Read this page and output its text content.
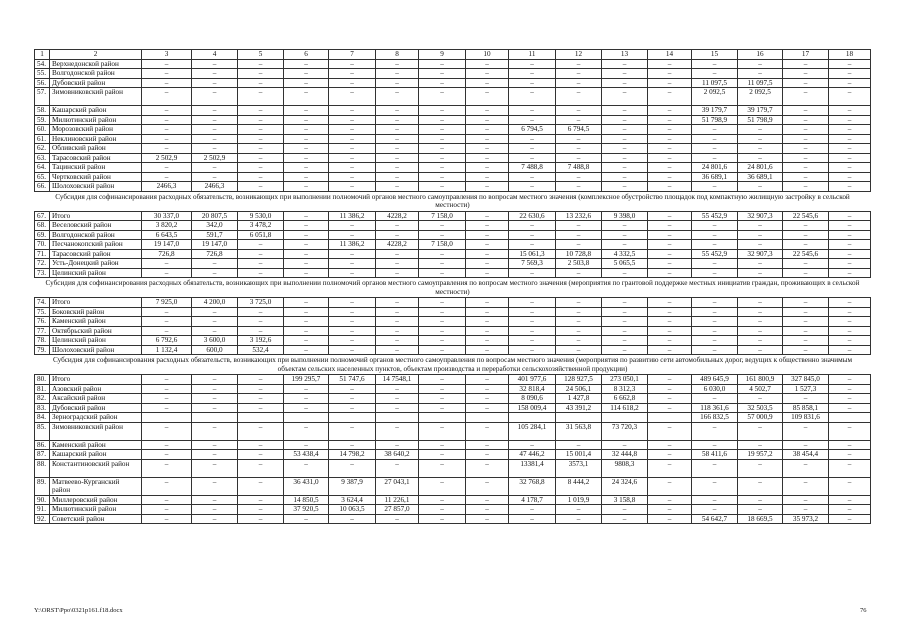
1	2	3	4	5	6	7	8	9	10	11	12	13	14	15	16	17	18
54.	Верхнедонской район	–	–	–	–	–	–	–	–	–	–	–	–	–	–	–	–
55.	Волгодонской район	–	–	–	–	–	–	–	–	–	–	–	–	–	–	–	–
56.	Дубовский район	–	–	–	–	–	–	–	–	–	–	–	–	11 097,5	11 097,5	–	–
57.	Зимовниковский район	–	–	–	–	–	–	–	–	–	–	–	–	2 092,5	2 092,5	–	–
58.	Кашарский район	–	–	–	–	–	–	–	–	–	–	–	–	39 179,7	39 179,7	–	–
59.	Милютинский район	–	–	–	–	–	–	–	–	–	–	–	–	51 798,9	51 798,9	–	–
60.	Морозовский район	–	–	–	–	–	–	–	–	6 794,5	6 794,5	–	–	–	–	–	–
61.	Неклиновский район	–	–	–	–	–	–	–	–	–	–	–	–	–	–	–	–
62.	Обливский район	–	–	–	–	–	–	–	–	–	–	–	–	–	–	–	–
63.	Тарасовский район	2 502,9	2 502,9	–	–	–	–	–	–	–	–	–	–	–	–	–	–
64.	Тацинский район	–	–	–	–	–	–	–	–	7 488,8	7 488,8	–	–	24 801,6	24 801,6	–	–
65.	Чертковский район	–	–	–	–	–	–	–	–	–	–	–	–	36 689,1	36 689,1	–	–
66.	Шолоховский район	2466,3	2466,3	–	–	–	–	–	–	–	–	–	–	–	–	–	–
Субсидия для софинансирования расходных обязательств, возникающих при выполнении полномочий органов местного самоуправления по вопросам местного значения (комплексное обустройство площадок под компактную жилищную застройку в сельской местности)																	
67.	Итого	30 337,0	20 807,5	9 530,0	–	11 386,2	4228,2	7 158,0	–	22 630,6	13 232,6	9 398,0	–	55 452,9	32 907,3	22 545,6	–
68.	Веселовский район	3 820,2	342,0	3 478,2	–	–	–	–	–	–	–	–	–	–	–	–	–
69.	Волгодонской район	6 643,5	591,7	6 051,8	–	–	–	–	–	–	–	–	–	–	–	–	–
70.	Песчанокопский район	19 147,0	19 147,0	–	–	11 386,2	4228,2	7 158,0	–	–	–	–	–	–	–	–	–
71.	Тарасовский район	726,8	726,8	–	–	–	–	–	–	15 061,3	10 728,8	4 332,5	–	55 452,9	32 907,3	22 545,6	–
72.	Усть-Донецкий район	–	–	–	–	–	–	–	–	7 569,3	2 503,8	5 065,5	–	–	–	–	–
73.	Целинский район	–	–	–	–	–	–	–	–	–	–	–	–	–	–	–	–
Субсидия для софинансирования расходных обязательств, возникающих при выполнении полномочий органов местного самоуправления по вопросам местного значения (мероприятия по грантовой поддержке местных инициатив граждан, проживающих в сельской местности)																	
74.	Итого	7 925,0	4 200,0	3 725,0	–	–	–	–	–	–	–	–	–	–	–	–	–
75.	Боковский район	–	–	–	–	–	–	–	–	–	–	–	–	–	–	–	–
76.	Каменский район	–	–	–	–	–	–	–	–	–	–	–	–	–	–	–	–
77.	Октябрьский район	–	–	–	–	–	–	–	–	–	–	–	–	–	–	–	–
78.	Целинский район	6 792,6	3 600,0	3 192,6	–	–	–	–	–	–	–	–	–	–	–	–	–
79.	Шолоховский район	1 132,4	600,0	532,4	–	–	–	–	–	–	–	–	–	–	–	–	–
Субсидия для софинансирования расходных обязательств, возникающих при выполнении полномочий органов местного самоуправления по вопросам местного значения (мероприятия по развитию сети автомобильных дорог, ведущих к общественно значимым объектам сельских населенных пунктов, объектам производства и переработки сельскохозяйственной продукции)																	
80.	Итого	–	–	–	199 295,7	51 747,6	14 7548,1	–	–	401 977,6	128 927,5	273 050,1	–	489 645,9	161 800,9	327 845,0	–
81.	Азовский район	–	–	–	–	–	–	–	–	32 818,4	24 506,1	8 312,3	–	6 030,0	4 502,7	1 527,3	–
82.	Аксайский район	–	–	–	–	–	–	–	–	8 090,6	1 427,8	6 662,8	–	–	–	–	–
83.	Дубовский район	–	–	–	–	–	–	–	–	158 009,4	43 391,2	114 618,2	–	118 361,6	32 503,5	85 858,1	–
84.	Зерноградский район													166 832,5	57 000,9	109 831,6	
85.	Зимовниковский район	–	–	–	–	–	–	–	–	105 284,1	31 563,8	73 720,3	–	–	–	–	–
86.	Каменский район	–	–	–	–	–	–	–	–	–	–	–	–	–	–	–	–
87.	Кашарский район	–	–	–	53 438,4	14 798,2	38 640,2	–	–	47 446,2	15 001,4	32 444,8	–	58 411,6	19 957,2	38 454,4	–
88.	Константиновский район	–	–	–	–	–	–	–	–	13381,4	3573,1	9808,3	–	–	–	–	–
89.	Матвеево-Курганский район	–	–	–	36 431,0	9 387,9	27 043,1	–	–	32 768,8	8 444,2	24 324,6	–	–	–	–	–
90.	Миллеровский район	–	–	–	14 850,5	3 624,4	11 226,1	–	–	4 178,7	1 019,9	3 158,8	–	–	–	–	–
91.	Милютинский район	–	–	–	37 920,5	10 063,5	27 857,0	–	–	–	–	–	–	–	–	–	–
92.	Советский район	–	–	–	–	–	–	–	–	–	–	–	–	54 642,7	18 669,5	35 973,2	–
Y:\ORST\Ppo\0321p161.f18.docx	76
